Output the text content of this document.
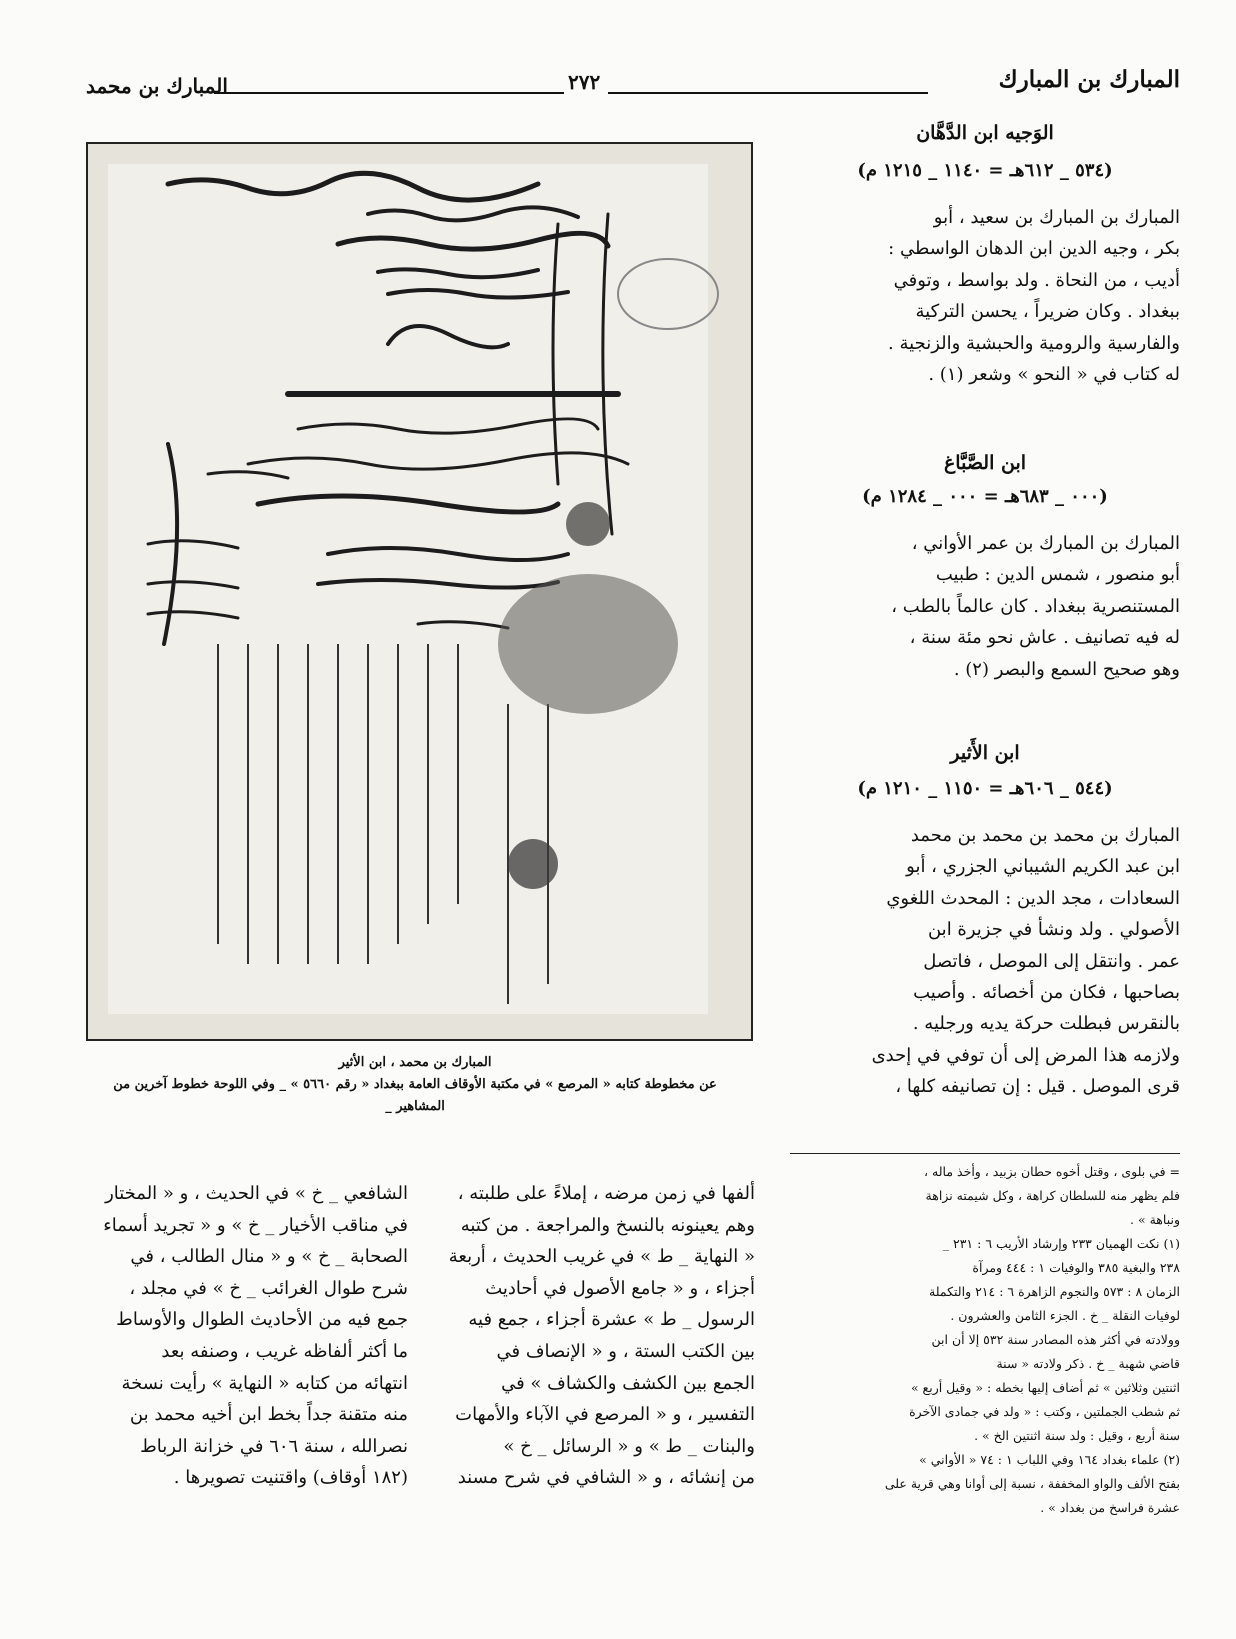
المبارك بن المبارك
٢٧٢
المبارك بن محمد
الوَجيه ابن الدَّهَّان
(٥٣٤ _ ٦١٢هـ = ١١٤٠ _ ١٢١٥ م)
المبارك بن المبارك بن سعيد ، أبو
بكر ، وجيه الدين ابن الدهان الواسطي :
أديب ، من النحاة . ولد بواسط ، وتوفي
ببغداد . وكان ضريراً ، يحسن التركية
والفارسية والرومية والحبشية والزنجية .
له كتاب في « النحو » وشعر (١) .
ابن الصَّبَّاغ
(٠٠٠ _ ٦٨٣هـ = ٠٠٠ _ ١٢٨٤ م)
المبارك بن المبارك بن عمر الأواني ،
أبو منصور ، شمس الدين : طبيب
المستنصرية ببغداد . كان عالماً بالطب ،
له فيه تصانيف . عاش نحو مئة سنة ،
وهو صحيح السمع والبصر (٢) .
ابن الأَثير
(٥٤٤ _ ٦٠٦هـ = ١١٥٠ _ ١٢١٠ م)
المبارك بن محمد بن محمد بن محمد
ابن عبد الكريم الشيباني الجزري ، أبو
السعادات ، مجد الدين : المحدث اللغوي
الأصولي . ولد ونشأ في جزيرة ابن
عمر . وانتقل إلى الموصل ، فاتصل
بصاحبها ، فكان من أخصائه . وأصيب
بالنقرس فبطلت حركة يديه ورجليه .
ولازمه هذا المرض إلى أن توفي في إحدى
قرى الموصل . قيل : إن تصانيفه كلها ،
المبارك بن محمد ، ابن الأثير
عن مخطوطة كتابه « المرصع » في مكتبة الأوقاف العامة ببغداد « رقم ٥٦٦٠ » _ وفي اللوحة خطوط آخرين من
المشاهير _
= في بلوى ، وقتل أخوه حطان بزبيد ، وأخذ ماله ،
فلم يظهر منه للسلطان كراهة ، وكل شيمته نزاهة
ونباهة » .
(١) نكت الهميان ٢٣٣ وإرشاد الأريب ٦ : ٢٣١ _
٢٣٨ والبغية ٣٨٥ والوفيات ١ : ٤٤٤ ومرآة
الزمان ٨ : ٥٧٣ والنجوم الزاهرة ٦ : ٢١٤ والتكملة
لوفيات النقلة _ خ . الجزء الثامن والعشرون .
وولادته في أكثر هذه المصادر سنة ٥٣٢ إلا أن ابن
قاضي شهبة _ خ . ذكر ولادته « سنة
اثنتين وثلاثين » ثم أضاف إليها بخطه : « وقيل أربع »
ثم شطب الجملتين ، وكتب : « ولد في جمادى الآخرة
سنة أربع ، وقيل : ولد سنة اثنتين الخ » .
(٢) علماء بغداد ١٦٤ وفي اللباب ١ : ٧٤ « الأواني »
بفتح الألف والواو المخففة ، نسبة إلى أوانا وهي قرية على
عشرة فراسخ من بغداد » .
ألفها في زمن مرضه ، إملاءً على طلبته ،
وهم يعينونه بالنسخ والمراجعة . من كتبه
« النهاية _ ط » في غريب الحديث ، أربعة
أجزاء ، و « جامع الأصول في أحاديث
الرسول _ ط » عشرة أجزاء ، جمع فيه
بين الكتب الستة ، و « الإنصاف في
الجمع بين الكشف والكشاف » في
التفسير ، و « المرصع في الآباء والأمهات
والبنات _ ط » و « الرسائل _ خ »
من إنشائه ، و « الشافي في شرح مسند
الشافعي _ خ » في الحديث ، و « المختار
في مناقب الأخيار _ خ » و « تجريد أسماء
الصحابة _ خ » و « منال الطالب ، في
شرح طوال الغرائب _ خ » في مجلد ،
جمع فيه من الأحاديث الطوال والأوساط
ما أكثر ألفاظه غريب ، وصنفه بعد
انتهائه من كتابه « النهاية » رأيت نسخة
منه متقنة جداً بخط ابن أخيه محمد بن
نصرالله ، سنة ٦٠٦ في خزانة الرباط
(١٨٢ أوقاف) واقتنيت تصويرها .
